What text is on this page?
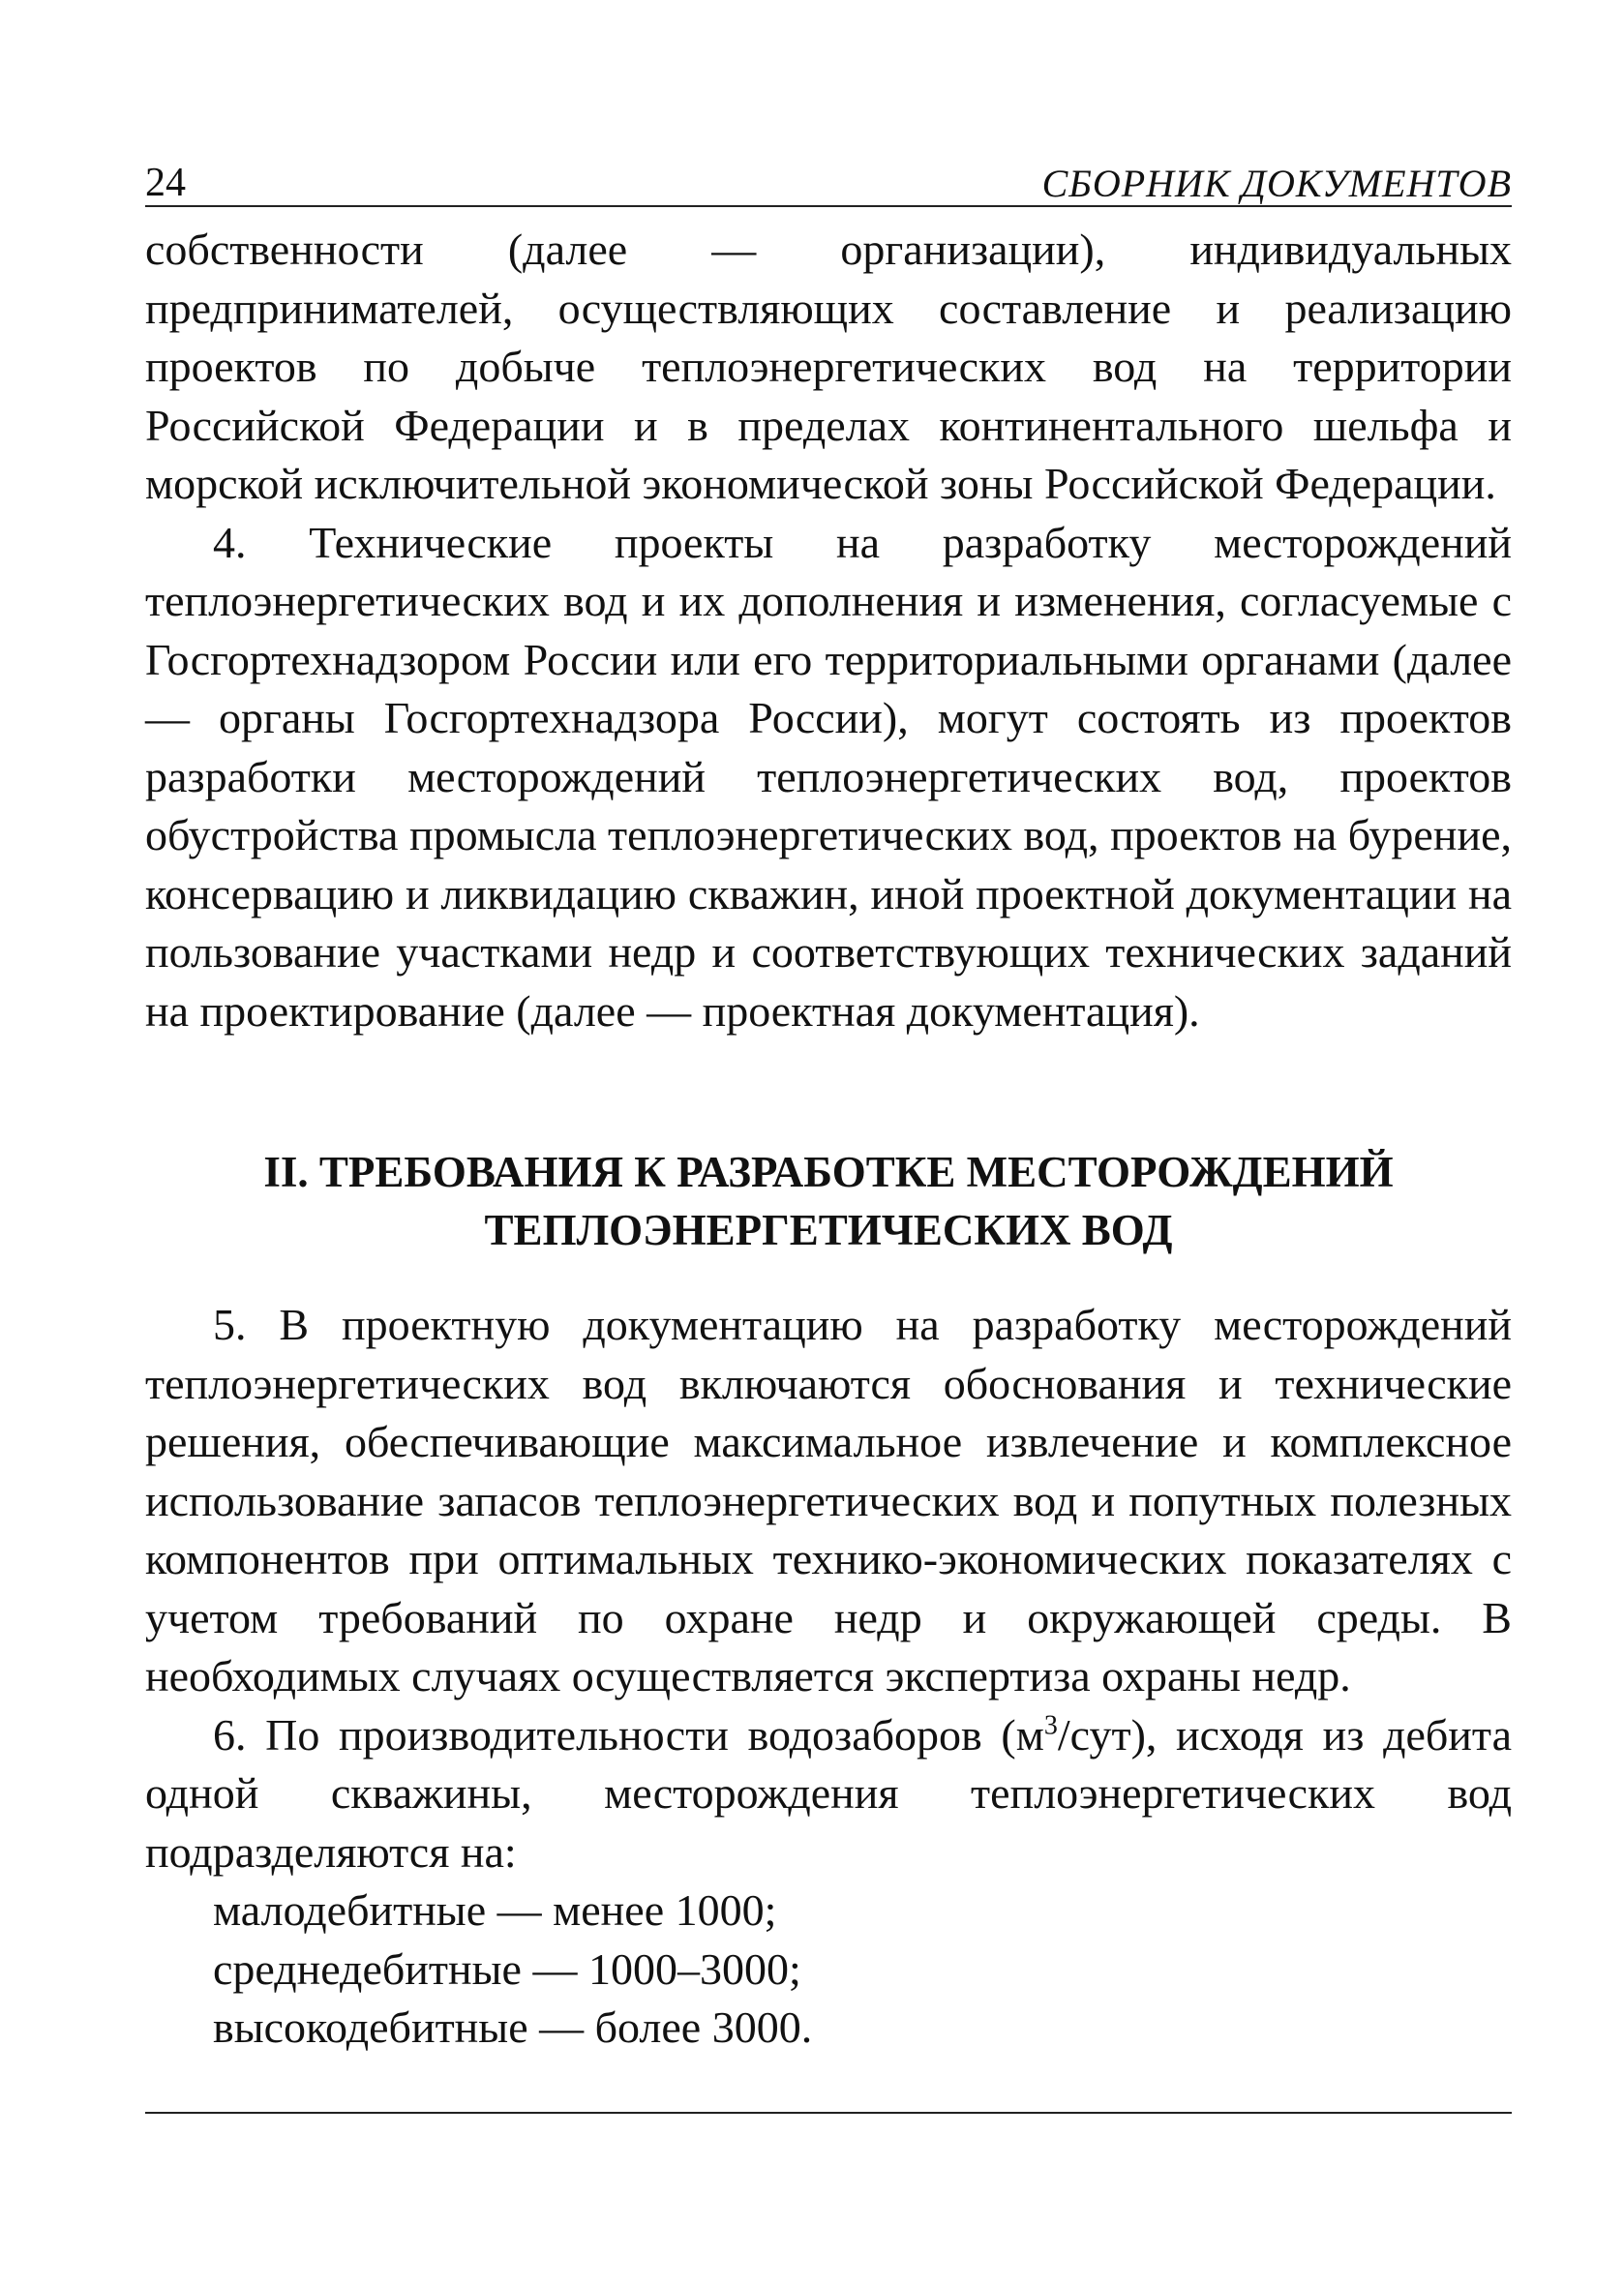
24	СБОРНИК ДОКУМЕНТОВ

собственности (далее — организации), индивидуальных предпринимателей, осуществляющих составление и реализацию проектов по добыче теплоэнергетических вод на территории Российской Федерации и в пределах континентального шельфа и морской исключительной экономической зоны Российской Федерации.

4. Технические проекты на разработку месторождений теплоэнергетических вод и их дополнения и изменения, согласуемые с Госгортехнадзором России или его территориальными органами (далее — органы Госгортехнадзора России), могут состоять из проектов разработки месторождений теплоэнергетических вод, проектов обустройства промысла теплоэнергетических вод, проектов на бурение, консервацию и ликвидацию скважин, иной проектной документации на пользование участками недр и соответствующих технических заданий на проектирование (далее — проектная документация).

II. ТРЕБОВАНИЯ К РАЗРАБОТКЕ МЕСТОРОЖДЕНИЙ
ТЕПЛОЭНЕРГЕТИЧЕСКИХ ВОД

5. В проектную документацию на разработку месторождений теплоэнергетических вод включаются обоснования и технические решения, обеспечивающие максимальное извлечение и комплексное использование запасов теплоэнергетических вод и попутных полезных компонентов при оптимальных технико-экономических показателях с учетом требований по охране недр и окружающей среды. В необходимых случаях осуществляется экспертиза охраны недр.

6. По производительности водозаборов $(м^3/сут)$, исходя из дебита одной скважины, месторождения теплоэнергетических вод подразделяются на:

малодебитные — менее 1000;
среднедебитные — 1000–3000;
высокодебитные — более 3000.
